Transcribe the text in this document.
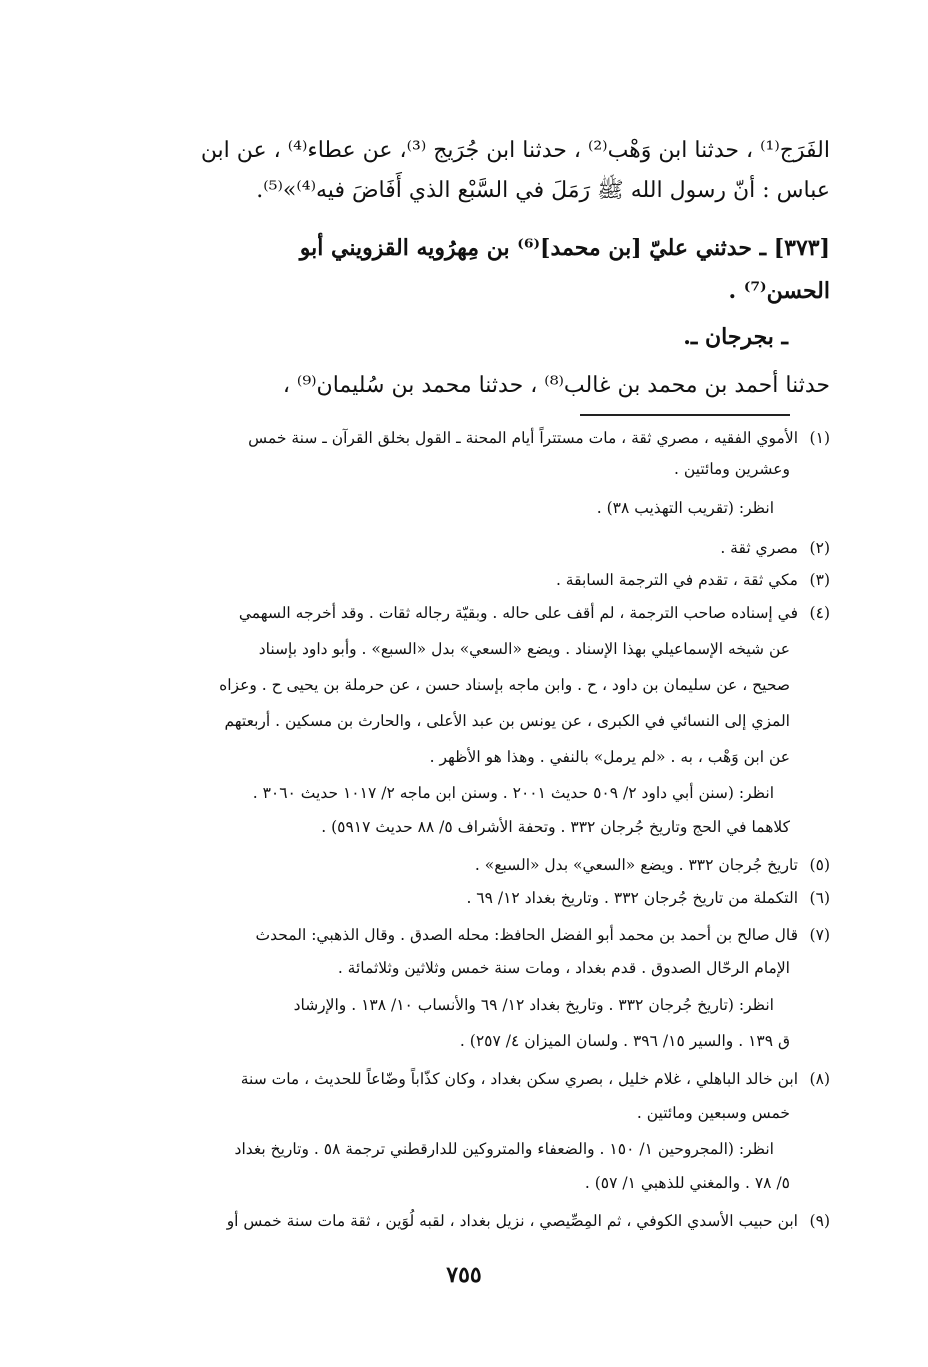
الفَرَج⁽¹⁾ ، حدثنا ابن وَهْب⁽²⁾ ، حدثنا ابن جُرَيج ⁽³⁾، عن عطاء⁽⁴⁾ ، عن ابن
عباس : أنّ رسول الله ﷺ رَمَلَ في السَّبْع الذي أَفَاضَ فيه⁽⁴⁾»⁽⁵⁾.
[٣٧٣] ـ حدثني عليّ [بن محمد]⁽⁶⁾ بن مِهرُويه القزويني أبو
الحسن⁽⁷⁾ .
ـ بجرجان ـ.
حدثنا أحمد بن محمد بن غالب⁽⁸⁾ ، حدثنا محمد بن سُليمان⁽⁹⁾ ،
(١)الأموي الفقيه ، مصري ثقة ، مات مستتراً أيام المحنة ـ القول بخلق القرآن ـ سنة خمس
وعشرين ومائتين .
انظر: (تقريب التهذيب ٣٨) .
(٢)مصري ثقة .
(٣)مكي ثقة ، تقدم في الترجمة السابقة .
(٤)في إسناده صاحب الترجمة ، لم أقف على حاله . وبقيّة رجاله ثقات . وقد أخرجه السهمي
عن شيخه الإسماعيلي بهذا الإسناد . ويضع «السعي» بدل «السبع» . وأبو داود بإسناد
صحيح ، عن سليمان بن داود ، ح . وابن ماجه بإسناد حسن ، عن حرملة بن يحيى ح . وعزاه
المزي إلى النسائي في الكبرى ، عن يونس بن عبد الأعلى ، والحارث بن مسكين . أربعتهم
عن ابن وَهْب ، به . «لم يرمل» بالنفي . وهذا هو الأظهر .
انظر: (سنن أبي داود ٢/ ٥٠٩ حديث ٢٠٠١ . وسنن ابن ماجه ٢/ ١٠١٧ حديث ٣٠٦٠ .
كلاهما في الحج وتاريخ جُرجان ٣٣٢ . وتحفة الأشراف ٥/ ٨٨ حديث ٥٩١٧) .
(٥)تاريخ جُرجان ٣٣٢ . ويضع «السعي» بدل «السبع» .
(٦)التكملة من تاريخ جُرجان ٣٣٢ . وتاريخ بغداد ١٢/ ٦٩ .
(٧)قال صالح بن أحمد بن محمد أبو الفضل الحافظ: محله الصدق . وقال الذهبي: المحدث
الإمام الرحّال الصدوق . قدم بغداد ، ومات سنة خمس وثلاثين وثلاثمائة .
انظر: (تاريخ جُرجان ٣٣٢ . وتاريخ بغداد ١٢/ ٦٩ والأنساب ١٠/ ١٣٨ . والإرشاد
ق ١٣٩ . والسير ١٥/ ٣٩٦ . ولسان الميزان ٤/ ٢٥٧) .
(٨)ابن خالد الباهلي ، غلام خليل ، بصري سكن بغداد ، وكان كذّاباً وضّاعاً للحديث ، مات سنة
خمس وسبعين ومائتين .
انظر: (المجروحين ١/ ١٥٠ . والضعفاء والمتروكين للدارقطني ترجمة ٥٨ . وتاريخ بغداد
٥/ ٧٨ . والمغني للذهبي ١/ ٥٧) .
(٩)ابن حبيب الأسدي الكوفي ، ثم المِصِّيصي ، نزيل بغداد ، لقبه لُوَين ، ثقة مات سنة خمس أو
٧٥٥
